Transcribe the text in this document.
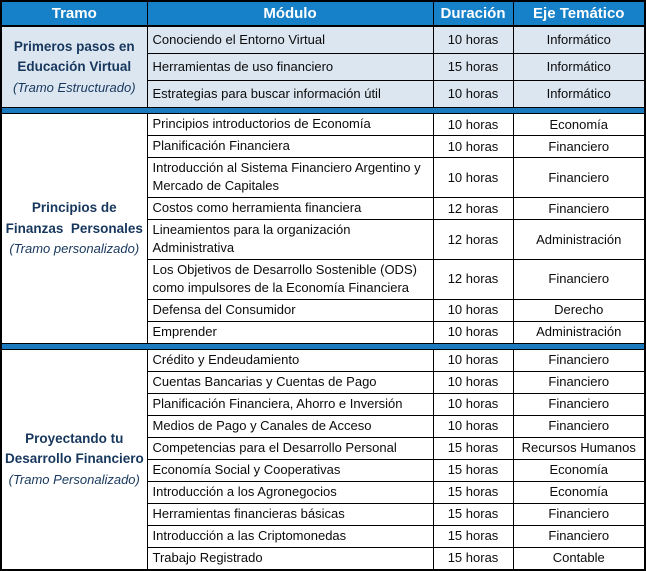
Tramo	Módulo	Duración	Eje Temático

Primeros pasos en
Educación Virtual
(Tramo Estructurado)	Conociendo el Entorno Virtual	10 horas	Informático
	Herramientas de uso financiero	15 horas	Informático
	Estrategias para buscar información útil	10 horas	Informático

Principios de
Finanzas  Personales
(Tramo personalizado)	Principios introductorios de Economía	10 horas	Economía
	Planificación Financiera	10 horas	Financiero
	Introducción al Sistema Financiero Argentino y Mercado de Capitales	10 horas	Financiero
	Costos como herramienta financiera	12 horas	Financiero
	Lineamientos para la organización Administrativa	12 horas	Administración
	Los Objetivos de Desarrollo Sostenible (ODS) como impulsores de la Economía Financiera	12 horas	Financiero
	Defensa del Consumidor	10 horas	Derecho
	Emprender	10 horas	Administración

Proyectando tu
Desarrollo Financiero
(Tramo Personalizado)	Crédito y Endeudamiento	10 horas	Financiero
	Cuentas Bancarias y Cuentas de Pago	10 horas	Financiero
	Planificación Financiera, Ahorro e Inversión	10 horas	Financiero
	Medios de Pago y Canales de Acceso	10 horas	Financiero
	Competencias para el Desarrollo Personal	15 horas	Recursos Humanos
	Economía Social y Cooperativas	15 horas	Economía
	Introducción a los Agronegocios	15 horas	Economía
	Herramientas financieras básicas	15 horas	Financiero
	Introducción a las Criptomonedas	15 horas	Financiero
	Trabajo Registrado	15 horas	Contable
